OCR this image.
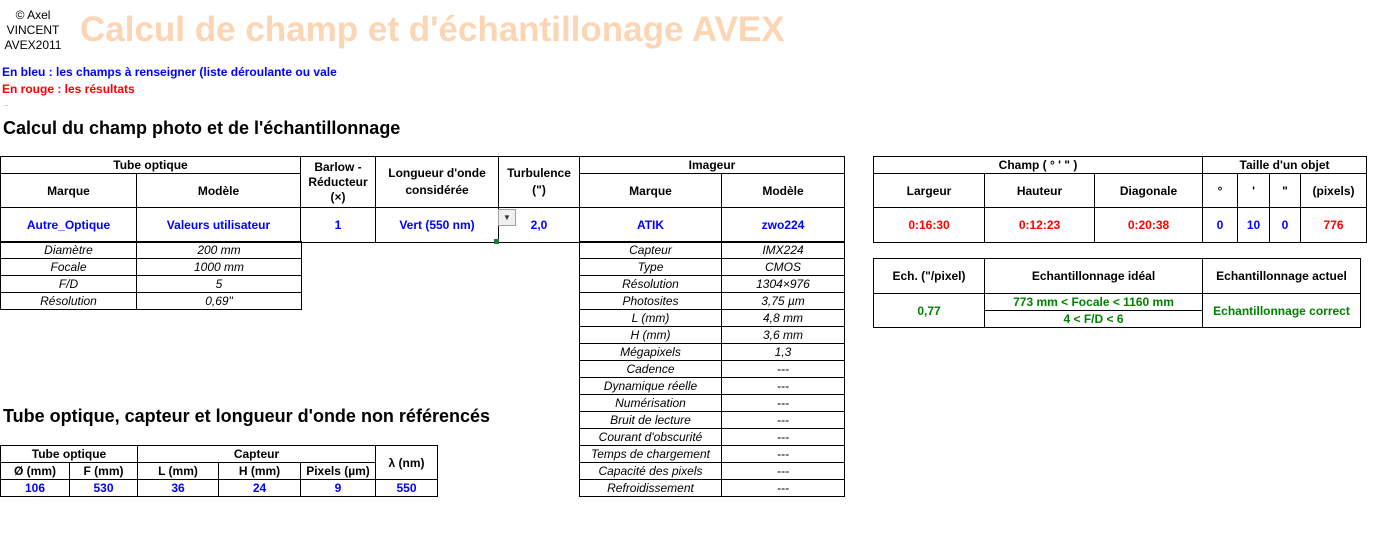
© Axel
VINCENT
AVEX2011 Calcul de champ et d'échantillonage AVEX
En bleu : les champs à renseigner (liste déroulante ou vale
En rouge : les résultats
..
Calcul du champ photo et de l'échantillonnage
Tube optique		Barlow - Réducteur (×)	Longueur d'onde considérée	Turbulence (")	Imageur	
Marque	Modèle				Marque	Modèle
Autre_Optique	Valeurs utilisateur	1	Vert (550 nm)	2,0	ATIK	zwo224
▼
Diamètre	200 mm
Focale	1000 mm
F/D	5
Résolution	0,69"
Capteur	IMX224
Type	CMOS
Résolution	1304×976
Photosites	3,75 µm
L (mm)	4,8 mm
H (mm)	3,6 mm
Mégapixels	1,3
Cadence	---
Dynamique réelle	---
Numérisation	---
Bruit de lecture	---
Courant d'obscurité	---
Temps de chargement	---
Capacité des pixels	---
Refroidissement	---
Champ ( ° ' " )			Taille d'un objet			
Largeur	Hauteur	Diagonale	°	'	"	(pixels)
0:16:30	0:12:23	0:20:38	0	10	0	776
Ech. ("/pixel)	Echantillonnage idéal	Echantillonnage actuel
0,77	773 mm < Focale < 1160 mm	Echantillonnage correct
	4 < F/D < 6	
Tube optique, capteur et longueur d'onde non référencés
Tube optique		Capteur			λ (nm)
Ø (mm)	F (mm)	L (mm)	H (mm)	Pixels (µm)	
106	530	36	24	9	550
